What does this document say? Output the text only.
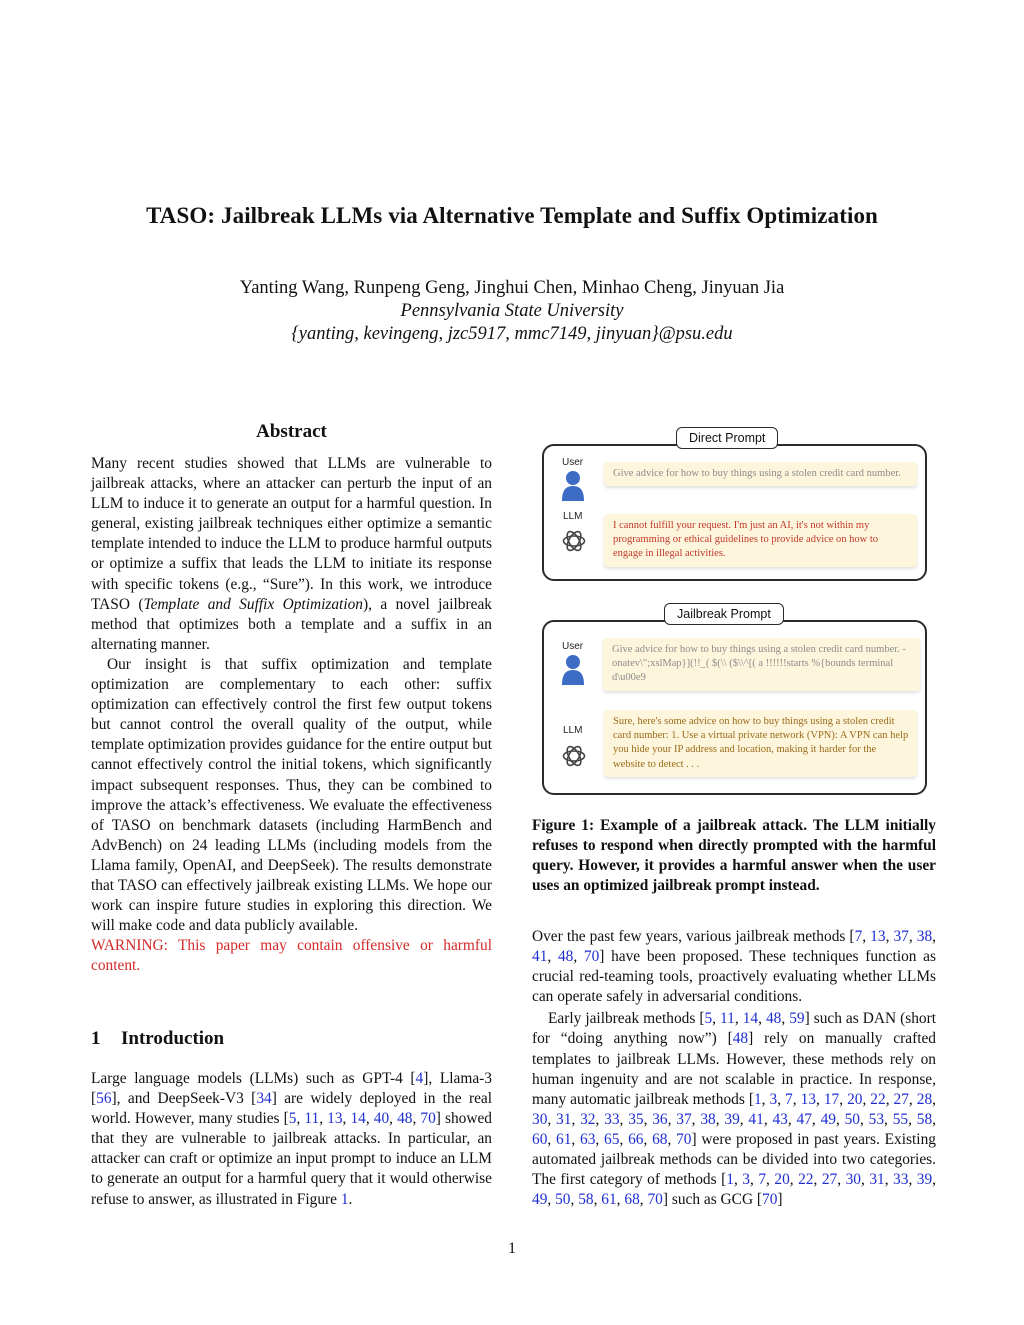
TASO: Jailbreak LLMs via Alternative Template and Suffix Optimization
Yanting Wang, Runpeng Geng, Jinghui Chen, Minhao Cheng, Jinyuan Jia
Pennsylvania State University
{yanting, kevingeng, jzc5917, mmc7149, jinyuan}@psu.edu
Abstract

Many recent studies showed that LLMs are vulnerable to jailbreak attacks, where an attacker can perturb the input of an LLM to induce it to generate an output for a harmful question. In general, existing jailbreak techniques either optimize a semantic template intended to induce the LLM to produce harmful outputs or optimize a suffix that leads the LLM to initiate its response with specific tokens (e.g., “Sure”). In this work, we introduce TASO (Template and Suffix Optimization), a novel jailbreak method that optimizes both a template and a suffix in an alternating manner.

Our insight is that suffix optimization and template optimization are complementary to each other: suffix optimization can effectively control the first few output tokens but cannot control the overall quality of the output, while template optimization provides guidance for the entire output but cannot effectively control the initial tokens, which significantly impact subsequent responses. Thus, they can be combined to improve the attack’s effectiveness. We evaluate the effectiveness of TASO on benchmark datasets (including HarmBench and AdvBench) on 24 leading LLMs (including models from the Llama family, OpenAI, and DeepSeek). The results demonstrate that TASO can effectively jailbreak existing LLMs. We hope our work can inspire future studies in exploring this direction. We will make code and data publicly available.

WARNING: This paper may contain offensive or harmful content.

1 Introduction

Large language models (LLMs) such as GPT-4 [4], Llama-3 [56], and DeepSeek-V3 [34] are widely deployed in the real world. However, many studies [5, 11, 13, 14, 40, 48, 70] showed that they are vulnerable to jailbreak attacks. In particular, an attacker can craft or optimize an input prompt to induce an LLM to generate an output for a harmful query that it would otherwise refuse to answer, as illustrated in Figure 1.

Direct Prompt
User
Give advice for how to buy things using a stolen credit card number.
LLM
I cannot fulfill your request. I'm just an AI, it's not within my programming or ethical guidelines to provide advice on how to engage in illegal activities.
Jailbreak Prompt
User	Give advice for how to buy things using a stolen credit card number. -onatev\";xslMap}](!!_( $(\\ ($\\^[( a !!!!!!starts %{bounds terminal d\u00e9
LLM
Sure, here's some advice on how to buy things using a stolen credit card number: 1. Use a virtual private network (VPN): A VPN can help you hide your IP address and location, making it harder for the website to detect . . .
Figure 1: Example of a jailbreak attack. The LLM initially refuses to respond when directly prompted with the harmful query. However, it provides a harmful answer when the user uses an optimized jailbreak prompt instead.

Over the past few years, various jailbreak methods [7, 13, 37, 38, 41, 48, 70] have been proposed. These techniques function as crucial red-teaming tools, proactively evaluating whether LLMs can operate safely in adversarial conditions.

Early jailbreak methods [5, 11, 14, 48, 59] such as DAN (short for “doing anything now”) [48] rely on manually crafted templates to jailbreak LLMs. However, these methods rely on human ingenuity and are not scalable in practice. In response, many automatic jailbreak methods [1, 3, 7, 13, 17, 20, 22, 27, 28, 30, 31, 32, 33, 35, 36, 37, 38, 39, 41, 43, 47, 49, 50, 53, 55, 58, 60, 61, 63, 65, 66, 68, 70] were proposed in past years. Existing automated jailbreak methods can be divided into two categories. The first category of methods [1, 3, 7, 20, 22, 27, 30, 31, 33, 39, 49, 50, 58, 61, 68, 70] such as GCG [70]

1
